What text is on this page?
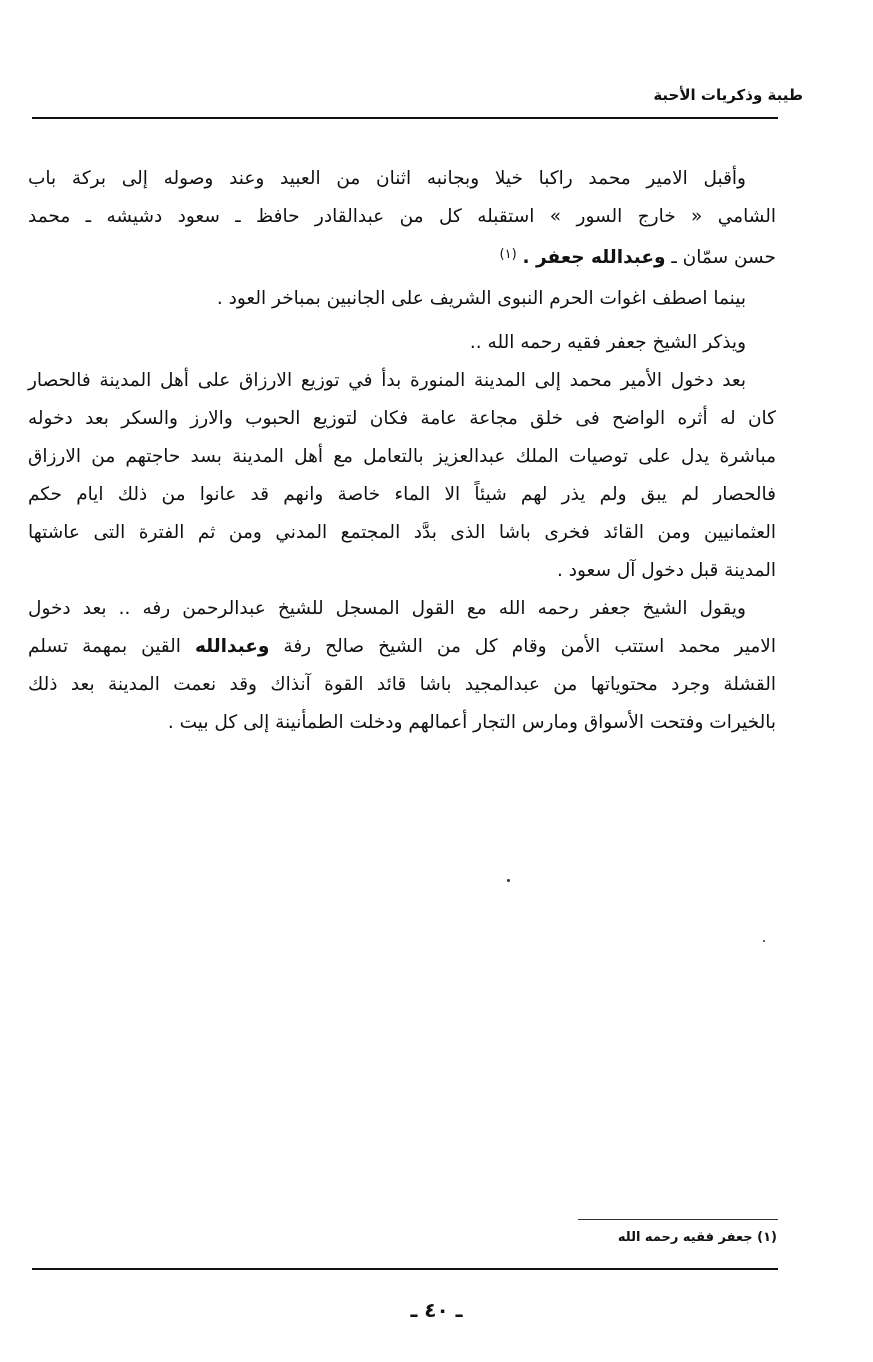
طيبة وذكريات الأحبة
وأقبل الامير محمد راكبا خيلا وبجانبه اثنان من العبيد وعند وصوله إلى بركة باب
الشامي « خارج السور » استقبله كل من عبدالقادر حافظ ـ سعود دشيشه ـ محمد
حسن سمّان ـ وعبدالله جعفر . $^{(١)}$
بينما اصطف اغوات الحرم النبوى الشريف على الجانبين بمباخر العود .
ويذكر الشيخ جعفر فقيه رحمه الله ..
بعد دخول الأمير محمد إلى المدينة المنورة بدأ في توزيع الارزاق على أهل المدينة فالحصار
كان له أثره الواضح فى خلق مجاعة عامة فكان لتوزيع الحبوب والارز والسكر بعد دخوله
مباشرة يدل على توصيات الملك عبدالعزيز بالتعامل مع أهل المدينة بسد حاجتهم من الارزاق
فالحصار لم يبق ولم يذر لهم شيئاً الا الماء خاصة وانهم قد عانوا من ذلك ايام حكم
العثمانيين ومن القائد فخرى باشا الذى بدَّد المجتمع المدني ومن ثم الفترة التى عاشتها
المدينة قبل دخول آل سعود .
ويقول الشيخ جعفر رحمه الله مع القول المسجل للشيخ عبدالرحمن رفه .. بعد دخول
الامير محمد استتب الأمن وقام كل من الشيخ صالح رفة وعبدالله القين بمهمة تسلم
القشلة وجرد محتوياتها من عبدالمجيد باشا قائد القوة آنذاك وقد نعمت المدينة بعد ذلك
بالخيرات وفتحت الأسواق ومارس التجار أعمالهم ودخلت الطمأنينة إلى كل بيت .
(١) جعفر فقيه رحمه الله
ـ ٤٠ ـ
